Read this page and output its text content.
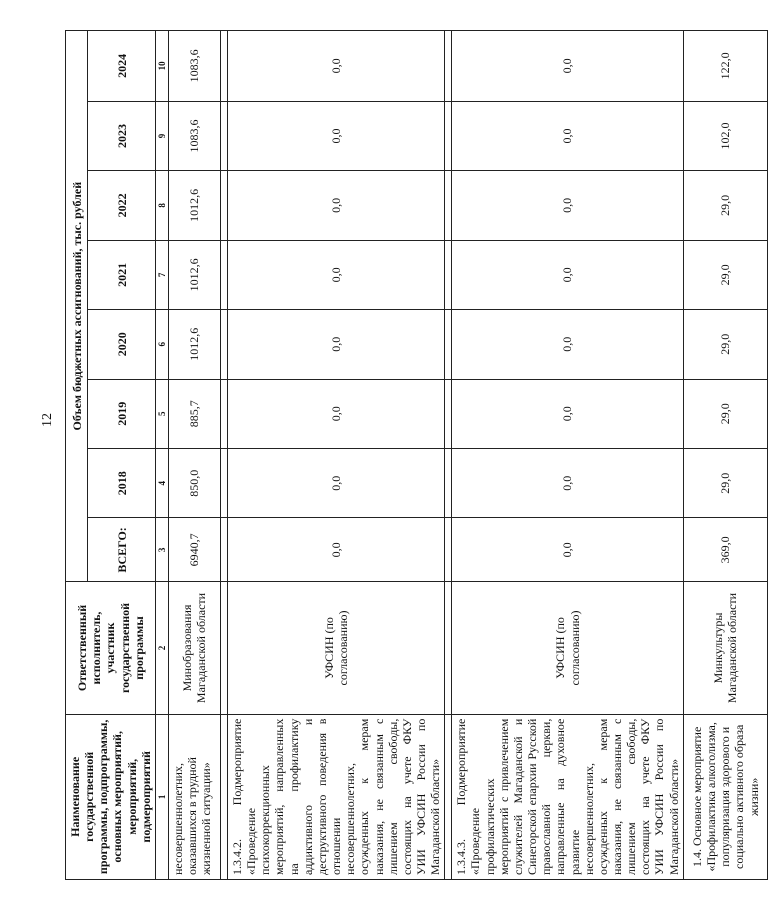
12
Наименование государственной программы, подпрограммы, основных мероприятий, мероприятий, подмероприятий	Ответственный исполнитель, участник государственной программы	Объем бюджетных ассигнований, тыс. рублей							
		ВСЕГО:	2018	2019	2020	2021	2022	2023	2024
1	2	3	4	5	6	7	8	9	10
несовершеннолетних, оказавшихся в трудной жизненной ситуации»	Минобразования Магаданской области	6940,7	850,0	885,7	1012,6	1012,6	1012,6	1083,6	1083,6

1.3.4.2. Подмероприятие «Проведение психокоррекционных мероприятий, направленных на профилактику аддиктивного и деструктивного поведения в отношении несовершеннолетних, осужденных к мерам наказания, не связанным с лишением свободы, состоящих на учете ФКУ УИИ УФСИН России по Магаданской области»	УФСИН (по согласованию)	0,0	0,0	0,0	0,0	0,0	0,0	0,0	0,0

1.3.4.3. Подмероприятие «Проведение профилактических мероприятий с привлечением служителей Магаданской и Синегорской епархии Русской православной церкви, направленные на духовное развитие несовершеннолетних, осужденных к мерам наказания, не связанным с лишением свободы, состоящих на учете ФКУ УИИ УФСИН России по Магаданской области»	УФСИН (по согласованию)	0,0	0,0	0,0	0,0	0,0	0,0	0,0	0,0
1.4. Основное мероприятие «Профилактика алкоголизма, популяризация здорового и социально активного образа жизни»	Минкультуры Магаданской области	369,0	29,0	29,0	29,0	29,0	29,0	102,0	122,0
